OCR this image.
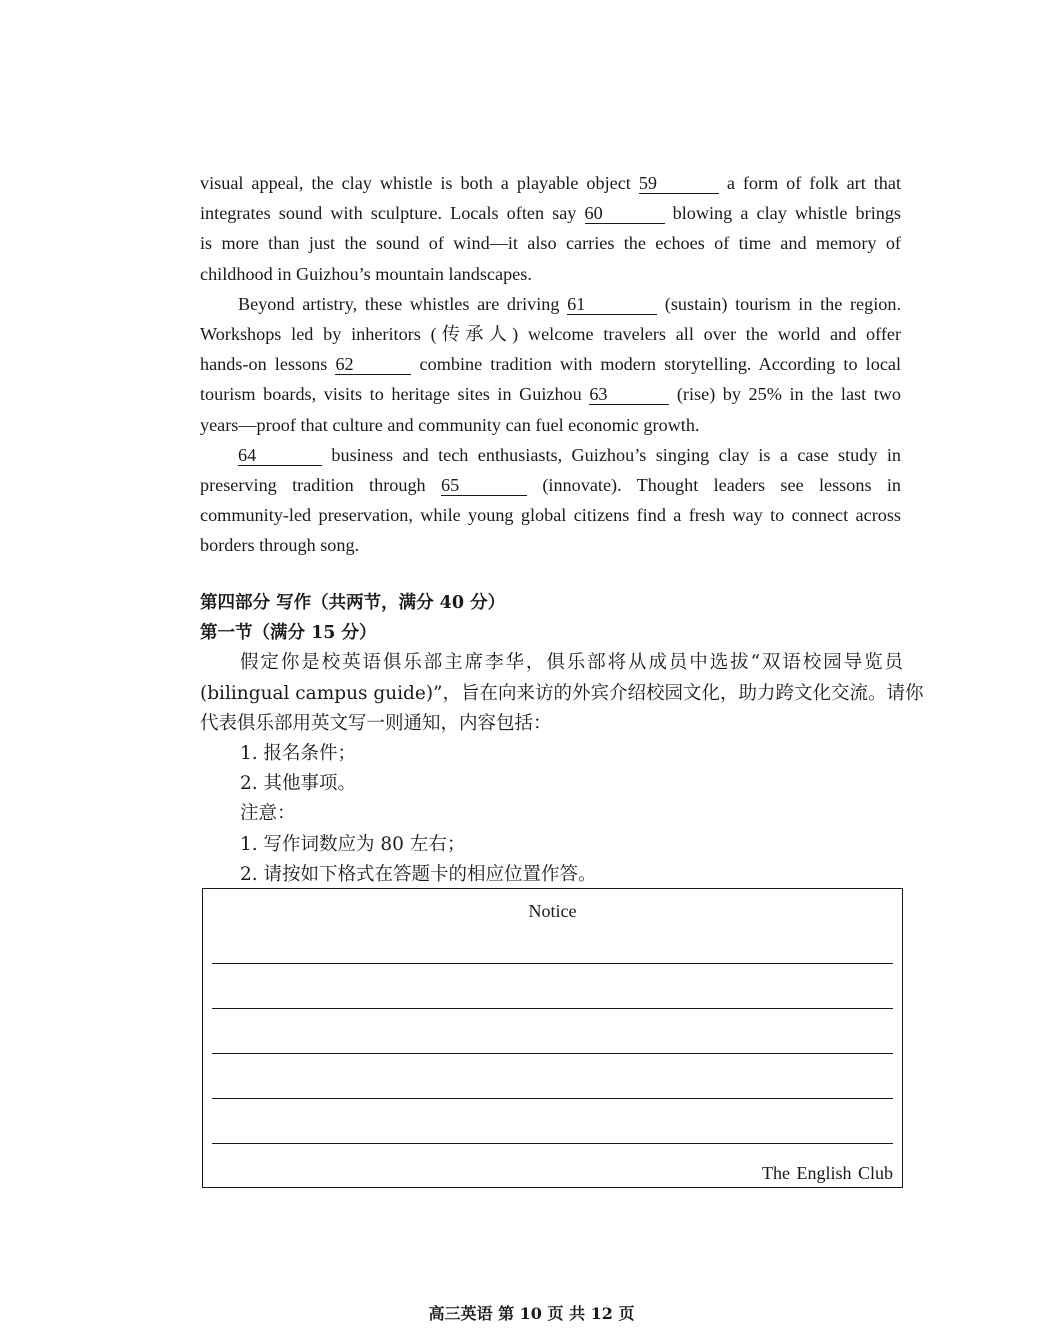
visual appeal, the clay whistle is both a playable object 59	a form of folk art that
integrates sound with sculpture. Locals often say 60	blowing a clay whistle brings
is more than just the sound of wind—it also carries the echoes of time and memory of
childhood in Guizhou’s mountain landscapes.
Beyond artistry, these whistles are driving 61	(sustain) tourism in the region.
Workshops led by inheritors (传承人) welcome travelers all over the world and offer
hands-on lessons 62	combine tradition with modern storytelling. According to local
tourism boards, visits to heritage sites in Guizhou 63	(rise) by 25% in the last two
years—proof that culture and community can fuel economic growth.
64	business and tech enthusiasts, Guizhou’s singing clay is a case study in
preserving tradition through 65	(innovate). Thought leaders see lessons in
community-led preservation, while young global citizens find a fresh way to connect across
borders through song.
第四部分 写作（共两节，满分 40 分）
第一节（满分 15 分）
假定你是校英语俱乐部主席李华，俱乐部将从成员中选拔“双语校园导览员
(bilingual campus guide)”，旨在向来访的外宾介绍校园文化，助力跨文化交流。请你
代表俱乐部用英文写一则通知，内容包括：
1. 报名条件；
2. 其他事项。
注意：
1. 写作词数应为 80 左右；
2. 请按如下格式在答题卡的相应位置作答。
Notice
The English Club
高三英语 第 10 页 共 12 页
